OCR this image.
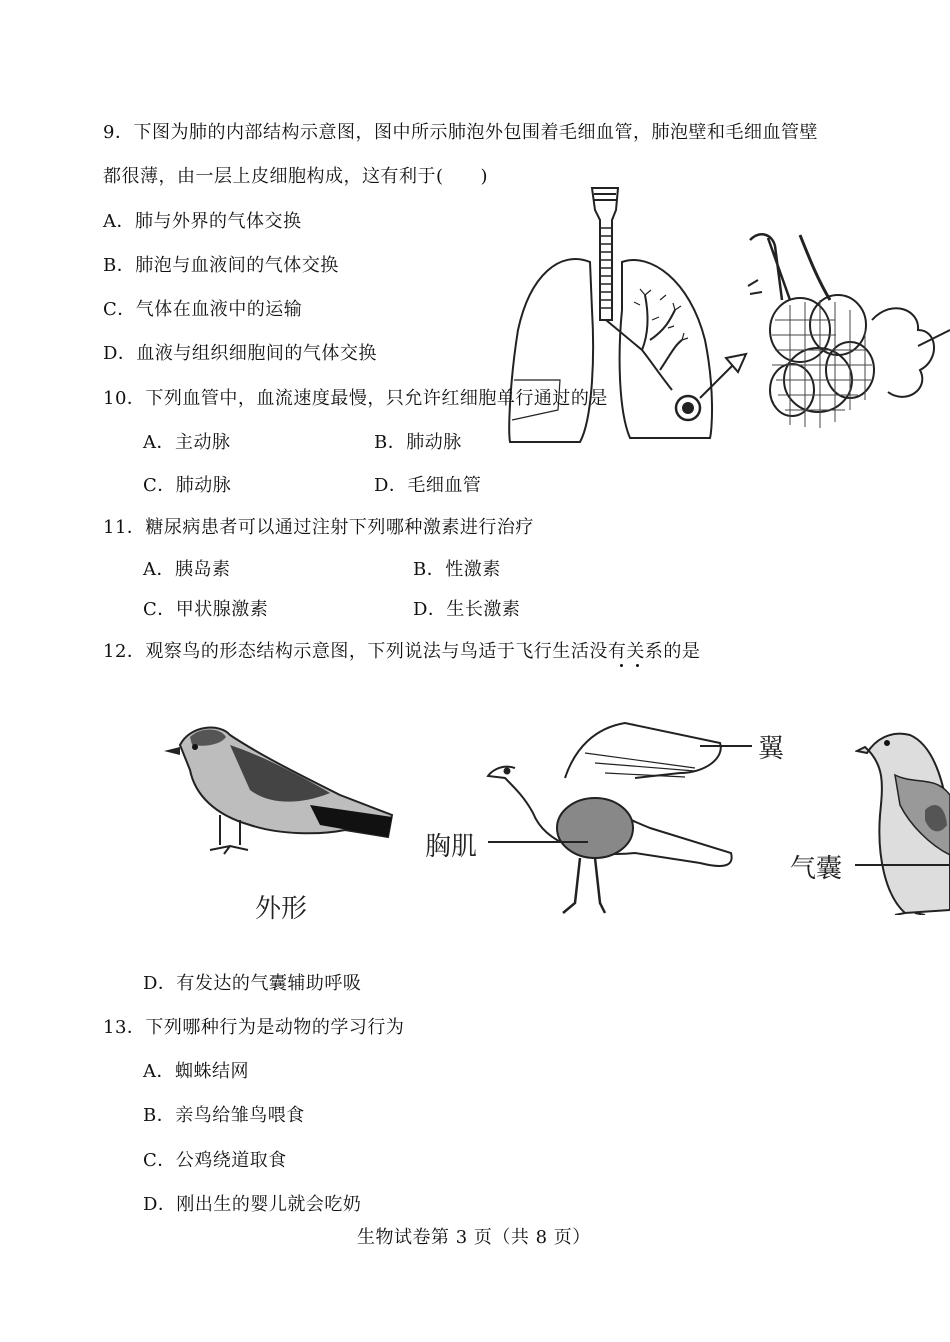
9．下图为肺的内部结构示意图，图中所示肺泡外包围着毛细血管，肺泡壁和毛细血管壁
都很薄，由一层上皮细胞构成，这有利于(　　)
A．肺与外界的气体交换
B．肺泡与血液间的气体交换
C．气体在血液中的运输
D．血液与组织细胞间的气体交换
10．下列血管中，血流速度最慢，只允许红细胞单行通过的是
A．主动脉	B．肺动脉
C．肺动脉	D．毛细血管
11．糖尿病患者可以通过注射下列哪种激素进行治疗
A．胰岛素	B．性激素
C．甲状腺激素	D．生长激素
12．观察鸟的形态结构示意图，下列说法与鸟适于飞行生活没有关系的是
外形
翼
胸肌
气囊
D．有发达的气囊辅助呼吸
13．下列哪种行为是动物的学习行为
A．蜘蛛结网
B．亲鸟给雏鸟喂食
C．公鸡绕道取食
D．刚出生的婴儿就会吃奶
生物试卷第 3 页（共 8 页）
